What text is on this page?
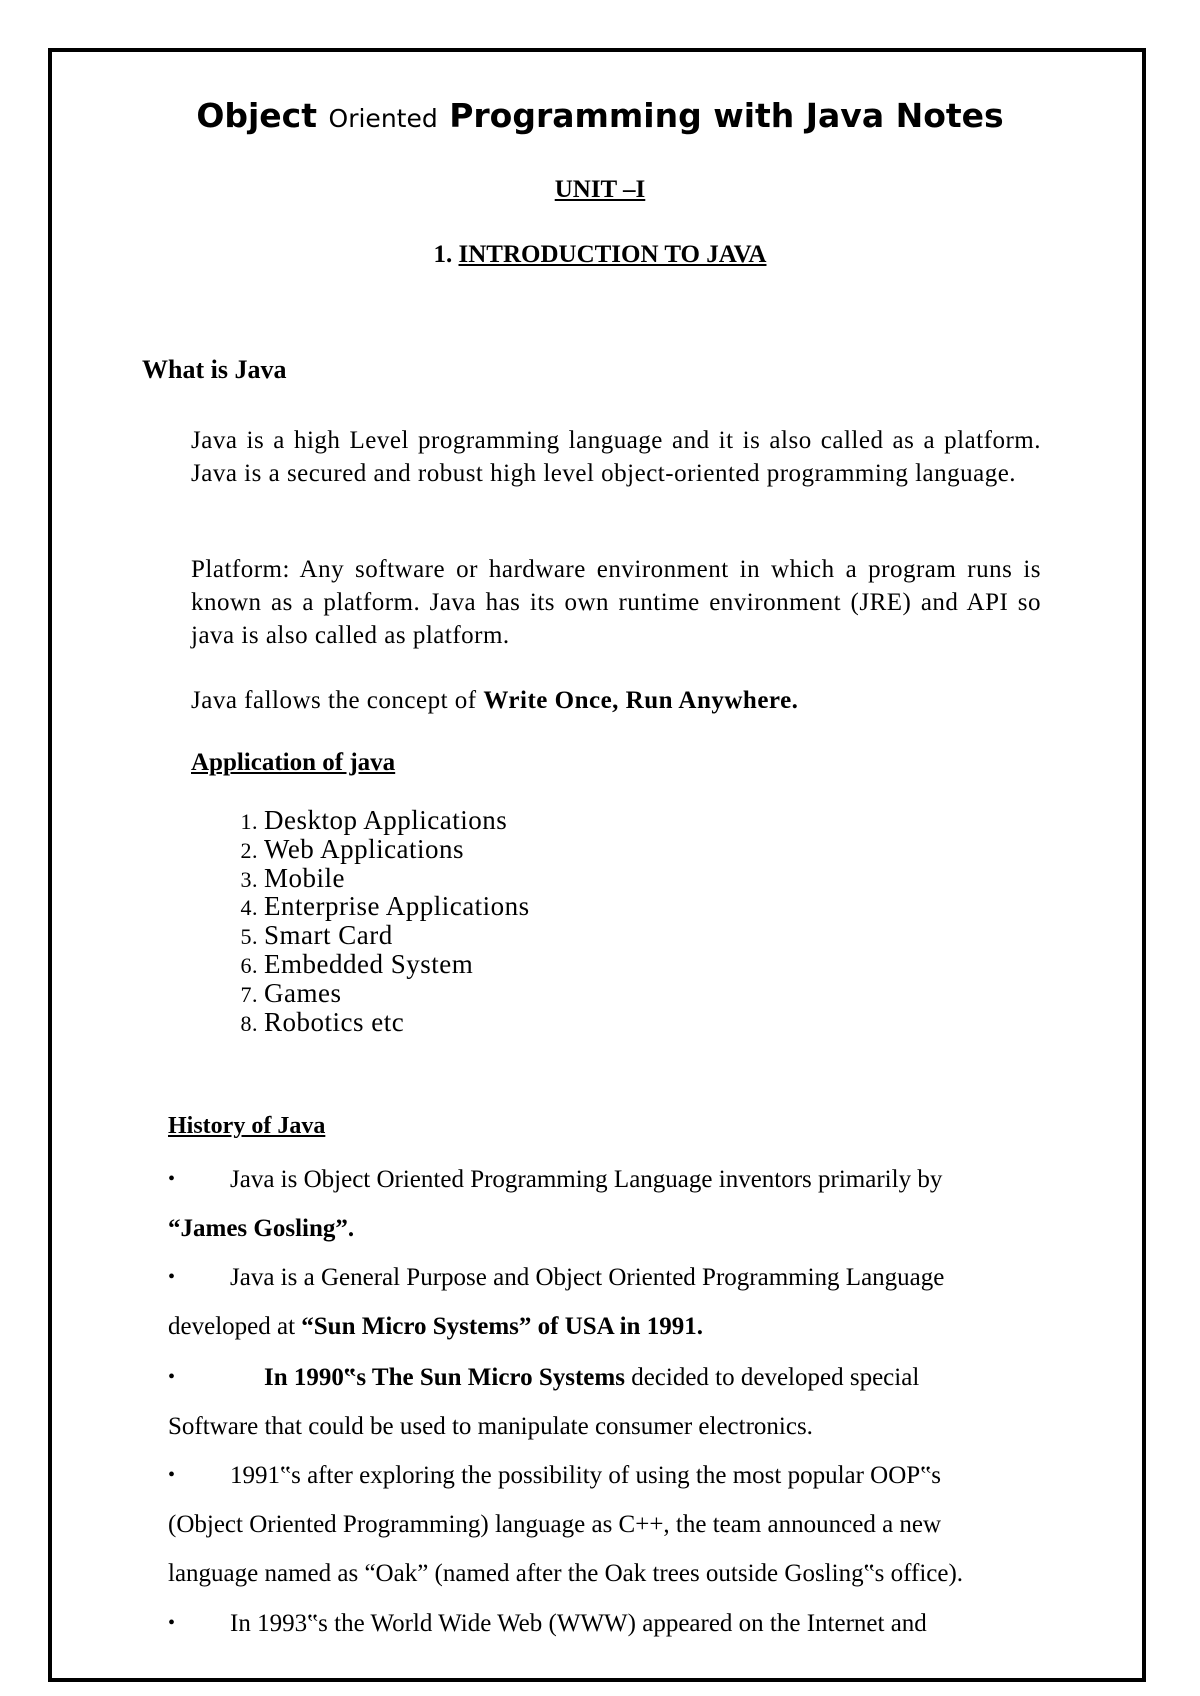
Object Oriented Programming with Java Notes
UNIT –I
1. INTRODUCTION TO JAVA
What is Java
Java is a high Level programming language and it is also called as a platform. Java is a secured and robust high level object-oriented programming language.
Platform: Any software or hardware environment in which a program runs is known as a platform. Java has its own runtime environment (JRE) and API so java is also called as platform.
Java fallows the concept of Write Once, Run Anywhere.
Application of java
1. Desktop Applications
2. Web Applications
3. Mobile
4. Enterprise Applications
5. Smart Card
6. Embedded System
7. Games
8. Robotics etc
History of Java
• Java is Object Oriented Programming Language inventors primarily by
“James Gosling”.
• Java is a General Purpose and Object Oriented Programming Language
developed at “Sun Micro Systems” of USA in 1991.
•	In 1990‟s The Sun Micro Systems decided to developed special
Software that could be used to manipulate consumer electronics.
• 1991‟s after exploring the possibility of using the most popular OOP‟s
(Object Oriented Programming) language as C++, the team announced a new
language named as “Oak” (named after the Oak trees outside Gosling‟s office).
• In 1993‟s the World Wide Web (WWW) appeared on the Internet and
